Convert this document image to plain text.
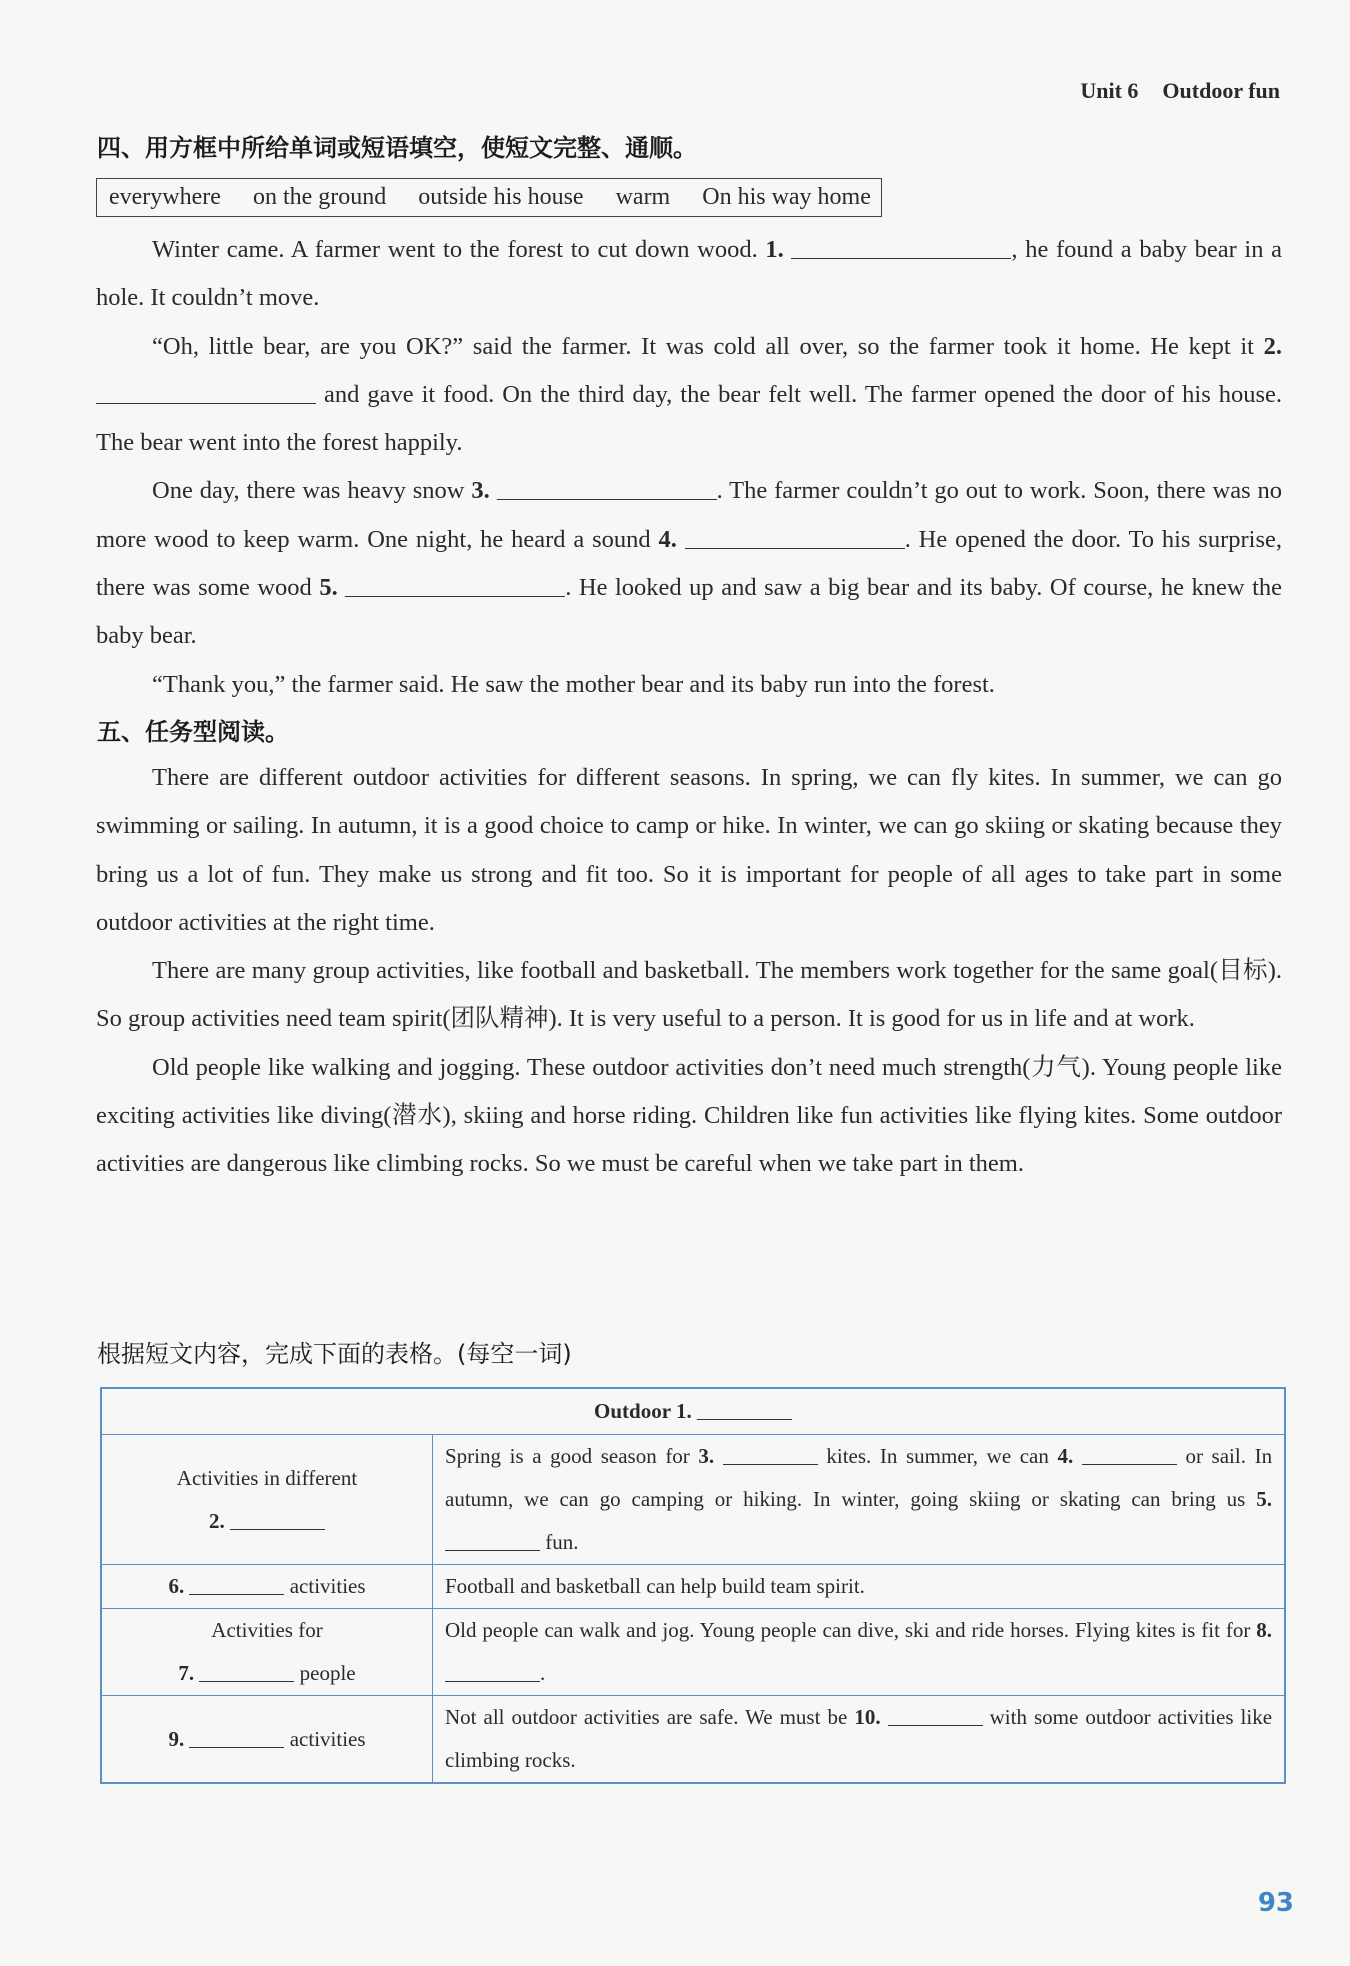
Unit 6 Outdoor fun
四、用方框中所给单词或短语填空，使短文完整、通顺。
everywhere on the ground outside his house warm On his way home
Winter came. A farmer went to the forest to cut down wood. 1.	, he found a baby bear in a hole. It couldn’t move.
“Oh, little bear, are you OK?” said the farmer. It was cold all over, so the farmer took it home. He kept it 2.  and gave it food. On the third day, the bear felt well. The farmer opened the door of his house. The bear went into the forest happily.
One day, there was heavy snow 3.	. The farmer couldn’t go out to work. Soon, there was no more wood to keep warm. One night, he heard a sound 4.	. He opened the door. To his surprise, there was some wood 5.	. He looked up and saw a big bear and its baby. Of course, he knew the baby bear.
“Thank you,” the farmer said. He saw the mother bear and its baby run into the forest.
五、任务型阅读。
There are different outdoor activities for different seasons. In spring, we can fly kites. In summer, we can go swimming or sailing. In autumn, it is a good choice to camp or hike. In winter, we can go skiing or skating because they bring us a lot of fun. They make us strong and fit too. So it is important for people of all ages to take part in some outdoor activities at the right time.
There are many group activities, like football and basketball. The members work together for the same goal(目标). So group activities need team spirit(团队精神). It is very useful to a person. It is good for us in life and at work.
Old people like walking and jogging. These outdoor activities don’t need much strength(力气). Young people like exciting activities like diving(潜水), skiing and horse riding. Children like fun activities like flying kites. Some outdoor activities are dangerous like climbing rocks. So we must be careful when we take part in them.
根据短文内容，完成下面的表格。(每空一词)
Outdoor 1.	

Activities in different
2.	Spring is a good season for 3. kites. In summer, we can 4. or sail. In autumn, we can go camping or hiking. In winter, going skiing or skating can bring us 5.  fun.
6. activities	Football and basketball can help build team spirit.

Activities for
7. people	Old people can walk and jog. Young people can dive, ski and ride horses. Flying kites is fit for 8. .
9. activities	Not all outdoor activities are safe. We must be 10. with some outdoor activities like climbing rocks.
93
